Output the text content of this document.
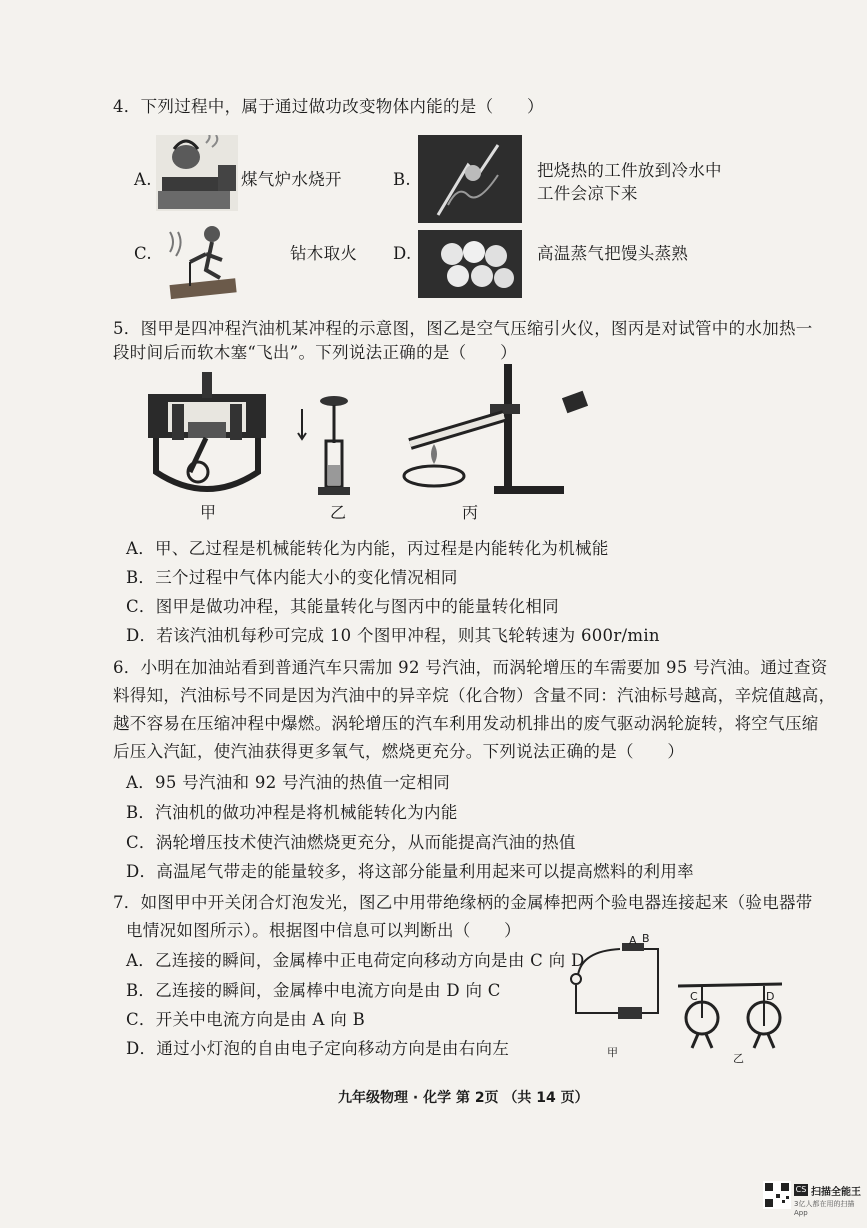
4．下列过程中，属于通过做功改变物体内能的是（　　）
A.	煤气炉水烧开	B.	把烧热的工件放到冷水中
工件会凉下来
C.	钻木取火 D.	高温蒸气把馒头蒸熟
5．图甲是四冲程汽油机某冲程的示意图，图乙是空气压缩引火仪，图丙是对试管中的水加热一
段时间后而软木塞“飞出”。下列说法正确的是（　　）
甲	乙	丙
A．甲、乙过程是机械能转化为内能，丙过程是内能转化为机械能
B．三个过程中气体内能大小的变化情况相同
C．图甲是做功冲程，其能量转化与图丙中的能量转化相同
D．若该汽油机每秒可完成 10 个图甲冲程，则其飞轮转速为 600r/min
6．小明在加油站看到普通汽车只需加 92 号汽油，而涡轮增压的车需要加 95 号汽油。通过查资
料得知，汽油标号不同是因为汽油中的异辛烷（化合物）含量不同：汽油标号越高，辛烷值越高，
越不容易在压缩冲程中爆燃。涡轮增压的汽车利用发动机排出的废气驱动涡轮旋转，将空气压缩
后压入汽缸，使汽油获得更多氧气，燃烧更充分。下列说法正确的是（　　）
A．95 号汽油和 92 号汽油的热值一定相同
B．汽油机的做功冲程是将机械能转化为内能
C．涡轮增压技术使汽油燃烧更充分，从而能提高汽油的热值
D．高温尾气带走的能量较多，将这部分能量利用起来可以提高燃料的利用率
7．如图甲中开关闭合灯泡发光，图乙中用带绝缘柄的金属棒把两个验电器连接起来（验电器带
电情况如图所示）。根据图中信息可以判断出（　　）
A．乙连接的瞬间，金属棒中正电荷定向移动方向是由 C 向 D
B．乙连接的瞬间，金属棒中电流方向是由 D 向 C
C．开关中电流方向是由 A 向 B
D．通过小灯泡的自由电子定向移动方向是由右向左
A B
甲
C	D
乙
九年级物理 · 化学 第 2页 （共 14 页）
CS 扫描全能王
3亿人都在用的扫描App
